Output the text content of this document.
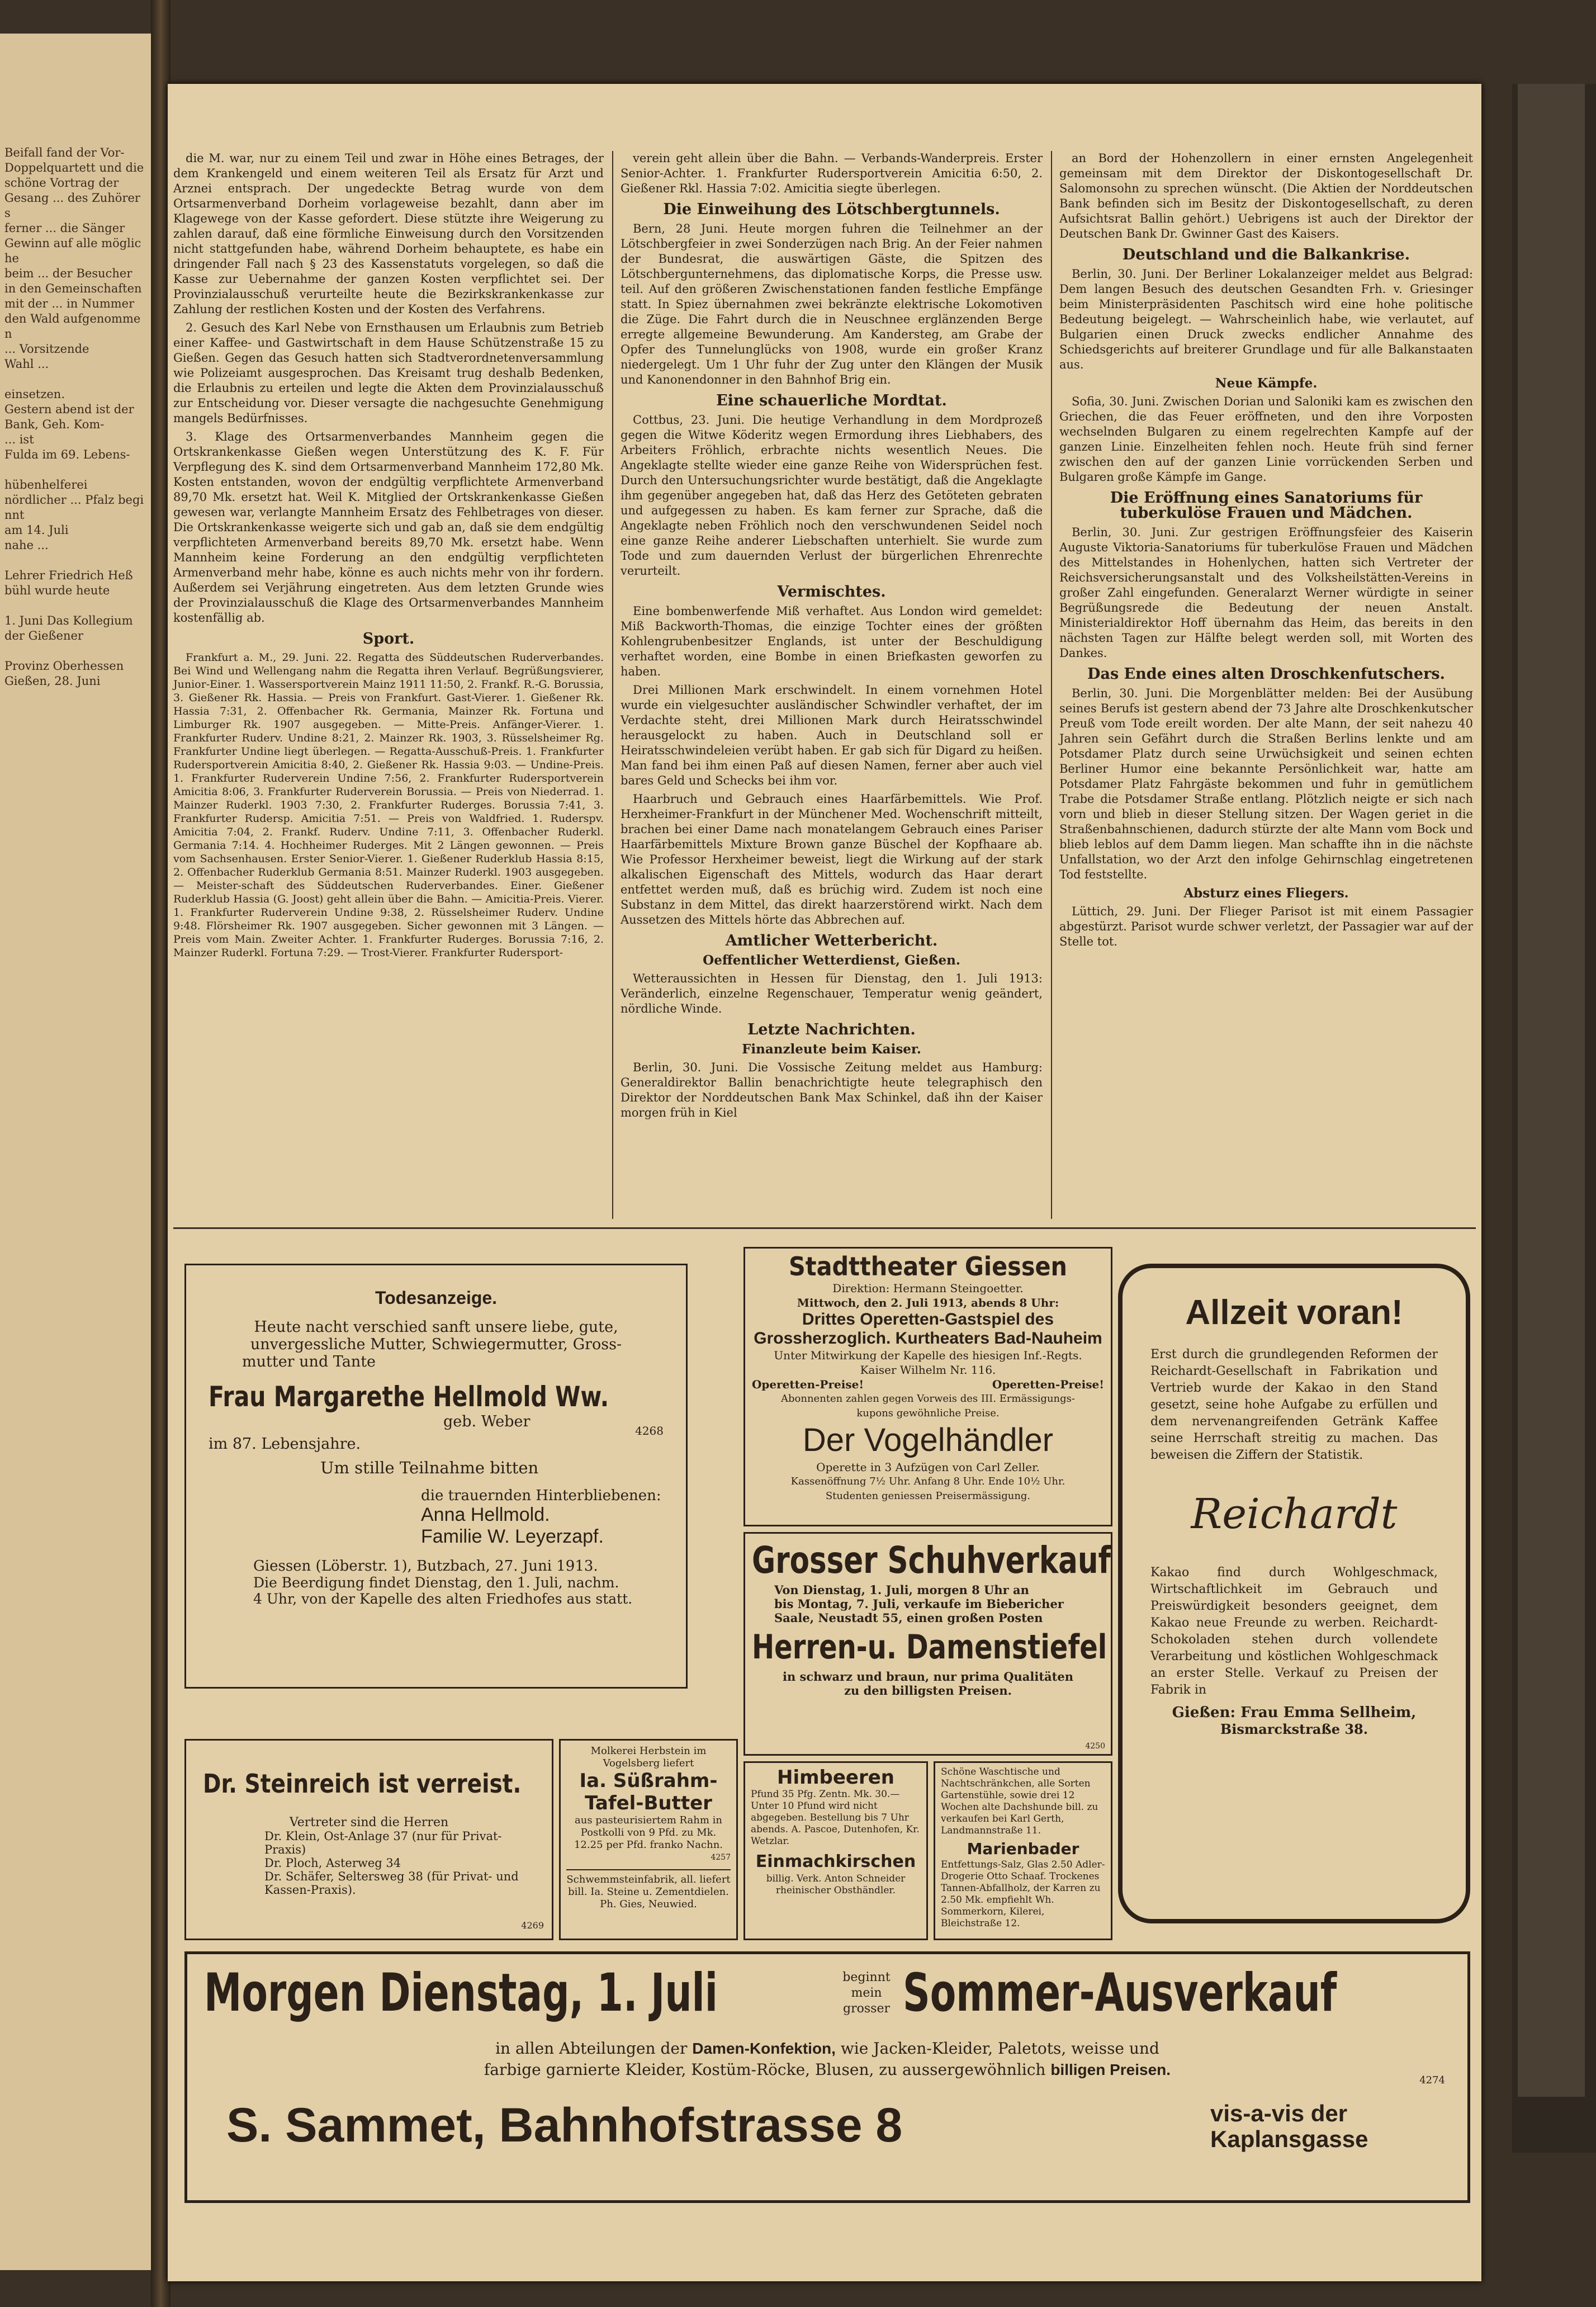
Beifall fand der Vor-
Doppelquartett und die
schöne Vortrag der
Gesang ... des Zuhörers
ferner ... die Sänger
Gewinn auf alle mögliche
beim ... der Besucher
in den Gemeinschaften
mit der ... in Nummer
den Wald aufgenommen
... Vorsitzende
Wahl ...

einsetzen.
Gestern abend ist der
Bank, Geh. Kom-
... ist
Fulda im 69. Lebens-

hübenhelferei
nördlicher ... Pfalz beginnt
am 14. Juli
nahe ...

Lehrer Friedrich Heß
bühl wurde heute

1. Juni Das Kollegium
der Gießener

Provinz Oberhessen
Gießen, 28. Juni

die M. war, nur zu einem Teil und zwar in Höhe eines Betrages, der dem Krankengeld und einem weiteren Teil als Ersatz für Arzt und Arznei entsprach. Der ungedeckte Betrag wurde von dem Ortsarmenverband Dorheim vorlageweise bezahlt, dann aber im Klagewege von der Kasse gefordert. Diese stützte ihre Weigerung zu zahlen darauf, daß eine förmliche Einweisung durch den Vorsitzenden nicht stattgefunden habe, während Dorheim behauptete, es habe ein dringender Fall nach § 23 des Kassenstatuts vorgelegen, so daß die Kasse zur Uebernahme der ganzen Kosten verpflichtet sei. Der Provinzialausschuß verurteilte heute die Bezirkskrankenkasse zur Zahlung der restlichen Kosten und der Kosten des Verfahrens.

2. Gesuch des Karl Nebe von Ernsthausen um Erlaubnis zum Betrieb einer Kaffee- und Gastwirtschaft in dem Hause Schützenstraße 15 zu Gießen. Gegen das Gesuch hatten sich Stadtverordnetenversammlung wie Polizeiamt ausgesprochen. Das Kreisamt trug deshalb Bedenken, die Erlaubnis zu erteilen und legte die Akten dem Provinzialausschuß zur Entscheidung vor. Dieser versagte die nachgesuchte Genehmigung mangels Bedürfnisses.

3. Klage des Ortsarmenverbandes Mannheim gegen die Ortskrankenkasse Gießen wegen Unterstützung des K. F. Für Verpflegung des K. sind dem Ortsarmenverband Mannheim 172,80 Mk. Kosten entstanden, wovon der endgültig verpflichtete Armenverband 89,70 Mk. ersetzt hat. Weil K. Mitglied der Ortskrankenkasse Gießen gewesen war, verlangte Mannheim Ersatz des Fehlbetrages von dieser. Die Ortskrankenkasse weigerte sich und gab an, daß sie dem endgültig verpflichteten Armenverband bereits 89,70 Mk. ersetzt habe. Wenn Mannheim keine Forderung an den endgültig verpflichteten Armenverband mehr habe, könne es auch nichts mehr von ihr fordern. Außerdem sei Verjährung eingetreten. Aus dem letzten Grunde wies der Provinzialausschuß die Klage des Ortsarmenverbandes Mannheim kostenfällig ab.

Sport.

Frankfurt a. M., 29. Juni. 22. Regatta des Süddeutschen Ruderverbandes. Bei Wind und Wellengang nahm die Regatta ihren Verlauf. Begrüßungsvierer, Junior-Einer. 1. Wassersportverein Mainz 1911 11:50, 2. Frankf. R.-G. Borussia, 3. Gießener Rk. Hassia. — Preis von Frankfurt. Gast-Vierer. 1. Gießener Rk. Hassia 7:31, 2. Offenbacher Rk. Germania, Mainzer Rk. Fortuna und Limburger Rk. 1907 ausgegeben. — Mitte-Preis. Anfänger-Vierer. 1. Frankfurter Ruderv. Undine 8:21, 2. Mainzer Rk. 1903, 3. Rüsselsheimer Rg. Frankfurter Undine liegt überlegen. — Regatta-Ausschuß-Preis. 1. Frankfurter Rudersportverein Amicitia 8:40, 2. Gießener Rk. Hassia 9:03. — Undine-Preis. 1. Frankfurter Ruderverein Undine 7:56, 2. Frankfurter Rudersportverein Amicitia 8:06, 3. Frankfurter Ruderverein Borussia. — Preis von Niederrad. 1. Mainzer Ruderkl. 1903 7:30, 2. Frankfurter Ruderges. Borussia 7:41, 3. Frankfurter Rudersp. Amicitia 7:51. — Preis von Waldfried. 1. Ruderspv. Amicitia 7:04, 2. Frankf. Ruderv. Undine 7:11, 3. Offenbacher Ruderkl. Germania 7:14. 4. Hochheimer Ruderges. Mit 2 Längen gewonnen. — Preis vom Sachsenhausen. Erster Senior-Vierer. 1. Gießener Ruderklub Hassia 8:15, 2. Offenbacher Ruderklub Germania 8:51. Mainzer Ruderkl. 1903 ausgegeben. — Meister-schaft des Süddeutschen Ruderverbandes. Einer. Gießener Ruderklub Hassia (G. Joost) geht allein über die Bahn. — Amicitia-Preis. Vierer. 1. Frankfurter Ruderverein Undine 9:38, 2. Rüsselsheimer Ruderv. Undine 9:48. Flörsheimer Rk. 1907 ausgegeben. Sicher gewonnen mit 3 Längen. — Preis vom Main. Zweiter Achter. 1. Frankfurter Ruderges. Borussia 7:16, 2. Mainzer Ruderkl. Fortuna 7:29. — Trost-Vierer. Frankfurter Rudersport-

verein geht allein über die Bahn. — Verbands-Wanderpreis. Erster Senior-Achter. 1. Frankfurter Rudersportverein Amicitia 6:50, 2. Gießener Rkl. Hassia 7:02. Amicitia siegte überlegen.

Die Einweihung des Lötschbergtunnels.

Bern, 28 Juni. Heute morgen fuhren die Teilnehmer an der Lötschbergfeier in zwei Sonderzügen nach Brig. An der Feier nahmen der Bundesrat, die auswärtigen Gäste, die Spitzen des Lötschbergunternehmens, das diplomatische Korps, die Presse usw. teil. Auf den größeren Zwischenstationen fanden festliche Empfänge statt. In Spiez übernahmen zwei bekränzte elektrische Lokomotiven die Züge. Die Fahrt durch die in Neuschnee erglänzenden Berge erregte allgemeine Bewunderung. Am Kandersteg, am Grabe der Opfer des Tunnelunglücks von 1908, wurde ein großer Kranz niedergelegt. Um 1 Uhr fuhr der Zug unter den Klängen der Musik und Kanonendonner in den Bahnhof Brig ein.

Eine schauerliche Mordtat.

Cottbus, 23. Juni. Die heutige Verhandlung in dem Mordprozeß gegen die Witwe Köderitz wegen Ermordung ihres Liebhabers, des Arbeiters Fröhlich, erbrachte nichts wesentlich Neues. Die Angeklagte stellte wieder eine ganze Reihe von Widersprüchen fest. Durch den Untersuchungsrichter wurde bestätigt, daß die Angeklagte ihm gegenüber angegeben hat, daß das Herz des Getöteten gebraten und aufgegessen zu haben. Es kam ferner zur Sprache, daß die Angeklagte neben Fröhlich noch den verschwundenen Seidel noch eine ganze Reihe anderer Liebschaften unterhielt. Sie wurde zum Tode und zum dauernden Verlust der bürgerlichen Ehrenrechte verurteilt.

Vermischtes.

Eine bombenwerfende Miß verhaftet. Aus London wird gemeldet: Miß Backworth-Thomas, die einzige Tochter eines der größten Kohlengrubenbesitzer Englands, ist unter der Beschuldigung verhaftet worden, eine Bombe in einen Briefkasten geworfen zu haben.

Drei Millionen Mark erschwindelt. In einem vornehmen Hotel wurde ein vielgesuchter ausländischer Schwindler verhaftet, der im Verdachte steht, drei Millionen Mark durch Heiratsschwindel herausgelockt zu haben. Auch in Deutschland soll er Heiratsschwindeleien verübt haben. Er gab sich für Digard zu heißen. Man fand bei ihm einen Paß auf diesen Namen, ferner aber auch viel bares Geld und Schecks bei ihm vor.

Haarbruch und Gebrauch eines Haarfärbemittels. Wie Prof. Herxheimer-Frankfurt in der Münchener Med. Wochenschrift mitteilt, brachen bei einer Dame nach monatelangem Gebrauch eines Pariser Haarfärbemittels Mixture Brown ganze Büschel der Kopfhaare ab. Wie Professor Herxheimer beweist, liegt die Wirkung auf der stark alkalischen Eigenschaft des Mittels, wodurch das Haar derart entfettet werden muß, daß es brüchig wird. Zudem ist noch eine Substanz in dem Mittel, das direkt haarzerstörend wirkt. Nach dem Aussetzen des Mittels hörte das Abbrechen auf.

Amtlicher Wetterbericht.
Oeffentlicher Wetterdienst, Gießen.

Wetteraussichten in Hessen für Dienstag, den 1. Juli 1913: Veränderlich, einzelne Regenschauer, Temperatur wenig geändert, nördliche Winde.

Letzte Nachrichten.
Finanzleute beim Kaiser.

Berlin, 30. Juni. Die Vossische Zeitung meldet aus Hamburg: Generaldirektor Ballin benachrichtigte heute telegraphisch den Direktor der Norddeutschen Bank Max Schinkel, daß ihn der Kaiser morgen früh in Kiel

an Bord der Hohenzollern in einer ernsten Angelegenheit gemeinsam mit dem Direktor der Diskontogesellschaft Dr. Salomonsohn zu sprechen wünscht. (Die Aktien der Norddeutschen Bank befinden sich im Besitz der Diskontogesellschaft, zu deren Aufsichtsrat Ballin gehört.) Uebrigens ist auch der Direktor der Deutschen Bank Dr. Gwinner Gast des Kaisers.

Deutschland und die Balkankrise.

Berlin, 30. Juni. Der Berliner Lokalanzeiger meldet aus Belgrad: Dem langen Besuch des deutschen Gesandten Frh. v. Griesinger beim Ministerpräsidenten Paschitsch wird eine hohe politische Bedeutung beigelegt. — Wahrscheinlich habe, wie verlautet, auf Bulgarien einen Druck zwecks endlicher Annahme des Schiedsgerichts auf breiterer Grundlage und für alle Balkanstaaten aus.

Neue Kämpfe.

Sofia, 30. Juni. Zwischen Dorian und Saloniki kam es zwischen den Griechen, die das Feuer eröffneten, und den ihre Vorposten wechselnden Bulgaren zu einem regelrechten Kampfe auf der ganzen Linie. Einzelheiten fehlen noch. Heute früh sind ferner zwischen den auf der ganzen Linie vorrückenden Serben und Bulgaren große Kämpfe im Gange.

Die Eröffnung eines Sanatoriums für tuberkulöse Frauen und Mädchen.

Berlin, 30. Juni. Zur gestrigen Eröffnungsfeier des Kaiserin Auguste Viktoria-Sanatoriums für tuberkulöse Frauen und Mädchen des Mittelstandes in Hohenlychen, hatten sich Vertreter der Reichsversicherungsanstalt und des Volksheilstätten-Vereins in großer Zahl eingefunden. Generalarzt Werner würdigte in seiner Begrüßungsrede die Bedeutung der neuen Anstalt. Ministerialdirektor Hoff übernahm das Heim, das bereits in den nächsten Tagen zur Hälfte belegt werden soll, mit Worten des Dankes.

Das Ende eines alten Droschkenfutschers.

Berlin, 30. Juni. Die Morgenblätter melden: Bei der Ausübung seines Berufs ist gestern abend der 73 Jahre alte Droschkenkutscher Preuß vom Tode ereilt worden. Der alte Mann, der seit nahezu 40 Jahren sein Gefährt durch die Straßen Berlins lenkte und am Potsdamer Platz durch seine Urwüchsigkeit und seinen echten Berliner Humor eine bekannte Persönlichkeit war, hatte am Potsdamer Platz Fahrgäste bekommen und fuhr in gemütlichem Trabe die Potsdamer Straße entlang. Plötzlich neigte er sich nach vorn und blieb in dieser Stellung sitzen. Der Wagen geriet in die Straßenbahnschienen, dadurch stürzte der alte Mann vom Bock und blieb leblos auf dem Damm liegen. Man schaffte ihn in die nächste Unfallstation, wo der Arzt den infolge Gehirnschlag eingetretenen Tod feststellte.

Absturz eines Fliegers.

Lüttich, 29. Juni. Der Flieger Parisot ist mit einem Passagier abgestürzt. Parisot wurde schwer verletzt, der Passagier war auf der Stelle tot.

Todesanzeige.
Heute nacht verschied sanft unsere liebe, gute,
unvergessliche Mutter, Schwiegermutter, Gross-
mutter und Tante
Frau Margarethe Hellmold Ww.
geb. Weber
4268
im 87. Lebensjahre.
Um stille Teilnahme bitten
die trauernden Hinterbliebenen:
Anna Hellmold.
Familie W. Leyerzapf.
Giessen (Löberstr. 1), Butzbach, 27. Juni 1913.
Die Beerdigung findet Dienstag, den 1. Juli, nachm.
4 Uhr, von der Kapelle des alten Friedhofes aus statt.
Dr. Steinreich ist verreist.
Vertreter sind die Herren
Dr. Klein, Ost-Anlage 37 (nur für Privat-Praxis)
Dr. Ploch, Asterweg 34
Dr. Schäfer, Seltersweg 38 (für Privat- und Kassen-Praxis).
4269
Molkerei Herbstein im Vogelsberg liefert
Ia. Süßrahm-Tafel-Butter
aus pasteurisiertem Rahm in Postkolli von 9 Pfd. zu Mk. 12.25 per Pfd. franko Nachn.
4257
Schwemmsteinfabrik, all. liefert bill. Ia. Steine u. Zementdielen. Ph. Gies, Neuwied.
Stadttheater Giessen
Direktion: Hermann Steingoetter.
Mittwoch, den 2. Juli 1913, abends 8 Uhr:
Drittes Operetten-Gastspiel des
Grossherzoglich. Kurtheaters Bad-Nauheim
Unter Mitwirkung der Kapelle des hiesigen Inf.-Regts.
Kaiser Wilhelm Nr. 116.
Operetten-Preise!	Operetten-Preise!
Abonnenten zahlen gegen Vorweis des III. Ermässigungs-
kupons gewöhnliche Preise.
Der Vogelhändler
Operette in 3 Aufzügen von Carl Zeller.
Kassenöffnung 7½ Uhr. Anfang 8 Uhr. Ende 10½ Uhr.
Studenten geniessen Preisermässigung.
Grosser Schuhverkauf
Von Dienstag, 1. Juli, morgen 8 Uhr an
bis Montag, 7. Juli, verkaufe im Biebericher
Saale, Neustadt 55, einen großen Posten
Herren-u. Damenstiefel
in schwarz und braun, nur prima Qualitäten
zu den billigsten Preisen.
4250
Himbeeren
Pfund 35 Pfg. Zentn. Mk. 30.— Unter 10 Pfund wird nicht abgegeben. Bestellung bis 7 Uhr abends. A. Pascoe, Dutenhofen, Kr. Wetzlar.
Einmachkirschen
billig. Verk. Anton Schneider rheinischer Obsthändler.
Schöne Waschtische und Nachtschränkchen, alle Sorten Gartenstühle, sowie drei 12 Wochen alte Dachshunde bill. zu verkaufen bei Karl Gerth, Landmannstraße 11.
Marienbader
Entfettungs-Salz, Glas 2.50 Adler-Drogerie Otto Schaaf. Trockenes Tannen-Abfallholz, der Karren zu 2.50 Mk. empfiehlt Wh. Sommerkorn, Kilerei, Bleichstraße 12.
Allzeit voran!
Erst durch die grundlegenden Reformen der Reichardt-Gesellschaft in Fabrikation und Vertrieb wurde der Kakao in den Stand gesetzt, seine hohe Aufgabe zu erfüllen und dem nervenangreifenden Getränk Kaffee seine Herrschaft streitig zu machen. Das beweisen die Ziffern der Statistik.
Reichardt
Kakao find durch Wohlgeschmack, Wirtschaftlichkeit im Gebrauch und Preiswürdigkeit besonders geeignet, dem Kakao neue Freunde zu werben. Reichardt-Schokoladen stehen durch vollendete Verarbeitung und köstlichen Wohlgeschmack an erster Stelle. Verkauf zu Preisen der Fabrik in
Gießen: Frau Emma Sellheim,
Bismarckstraße 38.
Morgen Dienstag, 1. Juli	beginnt mein grosser Sommer-Ausverkauf
in allen Abteilungen der Damen-Konfektion, wie Jacken-Kleider, Paletots, weisse und
farbige garnierte Kleider, Kostüm-Röcke, Blusen, zu aussergewöhnlich billigen Preisen.
4274
S. Sammet, Bahnhofstrasse 8	vis-a-vis der
Kaplansgasse
